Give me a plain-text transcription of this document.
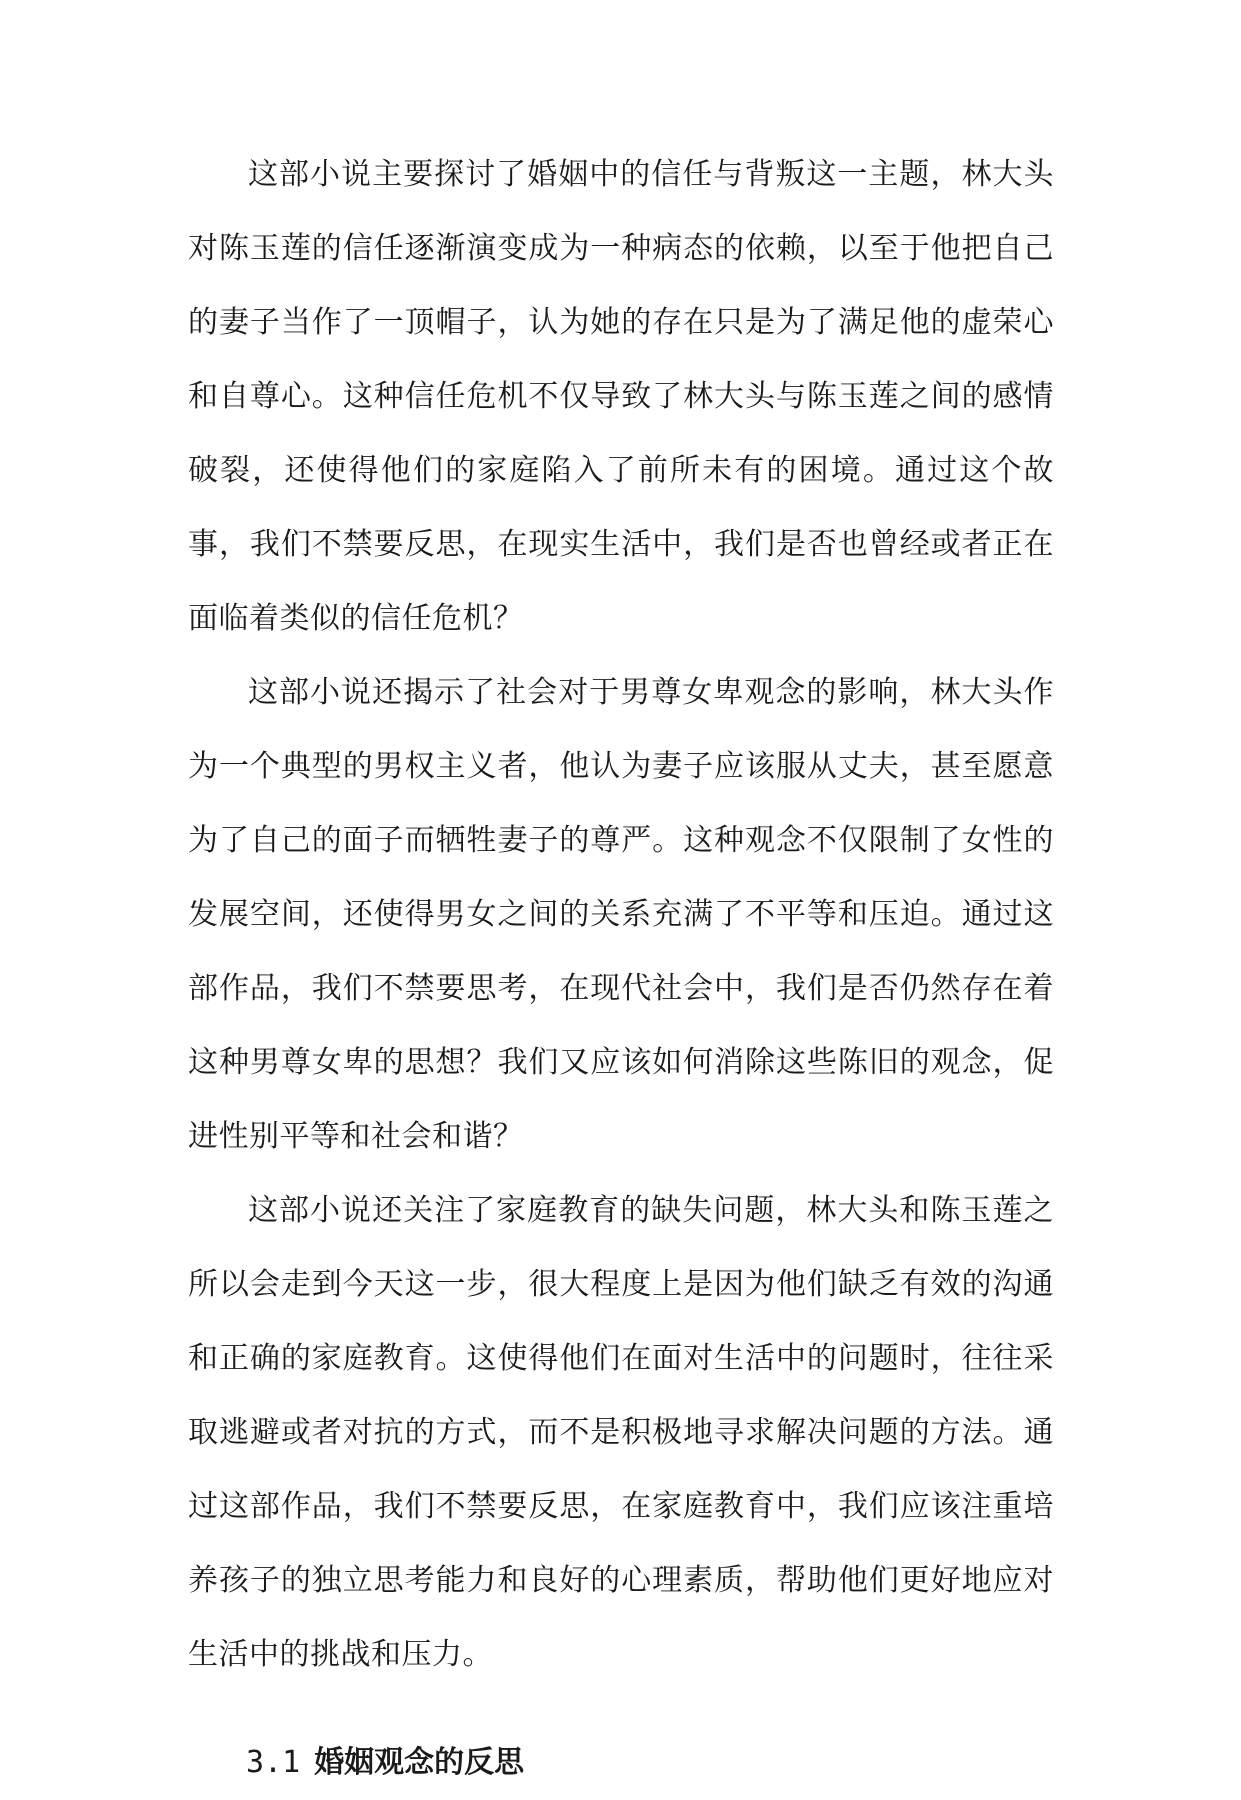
这部小说主要探讨了婚姻中的信任与背叛这一主题，林大头对陈玉莲的信任逐渐演变成为一种病态的依赖，以至于他把自己的妻子当作了一顶帽子，认为她的存在只是为了满足他的虚荣心和自尊心。这种信任危机不仅导致了林大头与陈玉莲之间的感情破裂，还使得他们的家庭陷入了前所未有的困境。通过这个故事，我们不禁要反思，在现实生活中，我们是否也曾经或者正在面临着类似的信任危机？

这部小说还揭示了社会对于男尊女卑观念的影响，林大头作为一个典型的男权主义者，他认为妻子应该服从丈夫，甚至愿意为了自己的面子而牺牲妻子的尊严。这种观念不仅限制了女性的发展空间，还使得男女之间的关系充满了不平等和压迫。通过这部作品，我们不禁要思考，在现代社会中，我们是否仍然存在着这种男尊女卑的思想？我们又应该如何消除这些陈旧的观念，促进性别平等和社会和谐？

这部小说还关注了家庭教育的缺失问题，林大头和陈玉莲之所以会走到今天这一步，很大程度上是因为他们缺乏有效的沟通和正确的家庭教育。这使得他们在面对生活中的问题时，往往采取逃避或者对抗的方式，而不是积极地寻求解决问题的方法。通过这部作品，我们不禁要反思，在家庭教育中，我们应该注重培养孩子的独立思考能力和良好的心理素质，帮助他们更好地应对生活中的挑战和压力。

3.1 婚姻观念的反思
